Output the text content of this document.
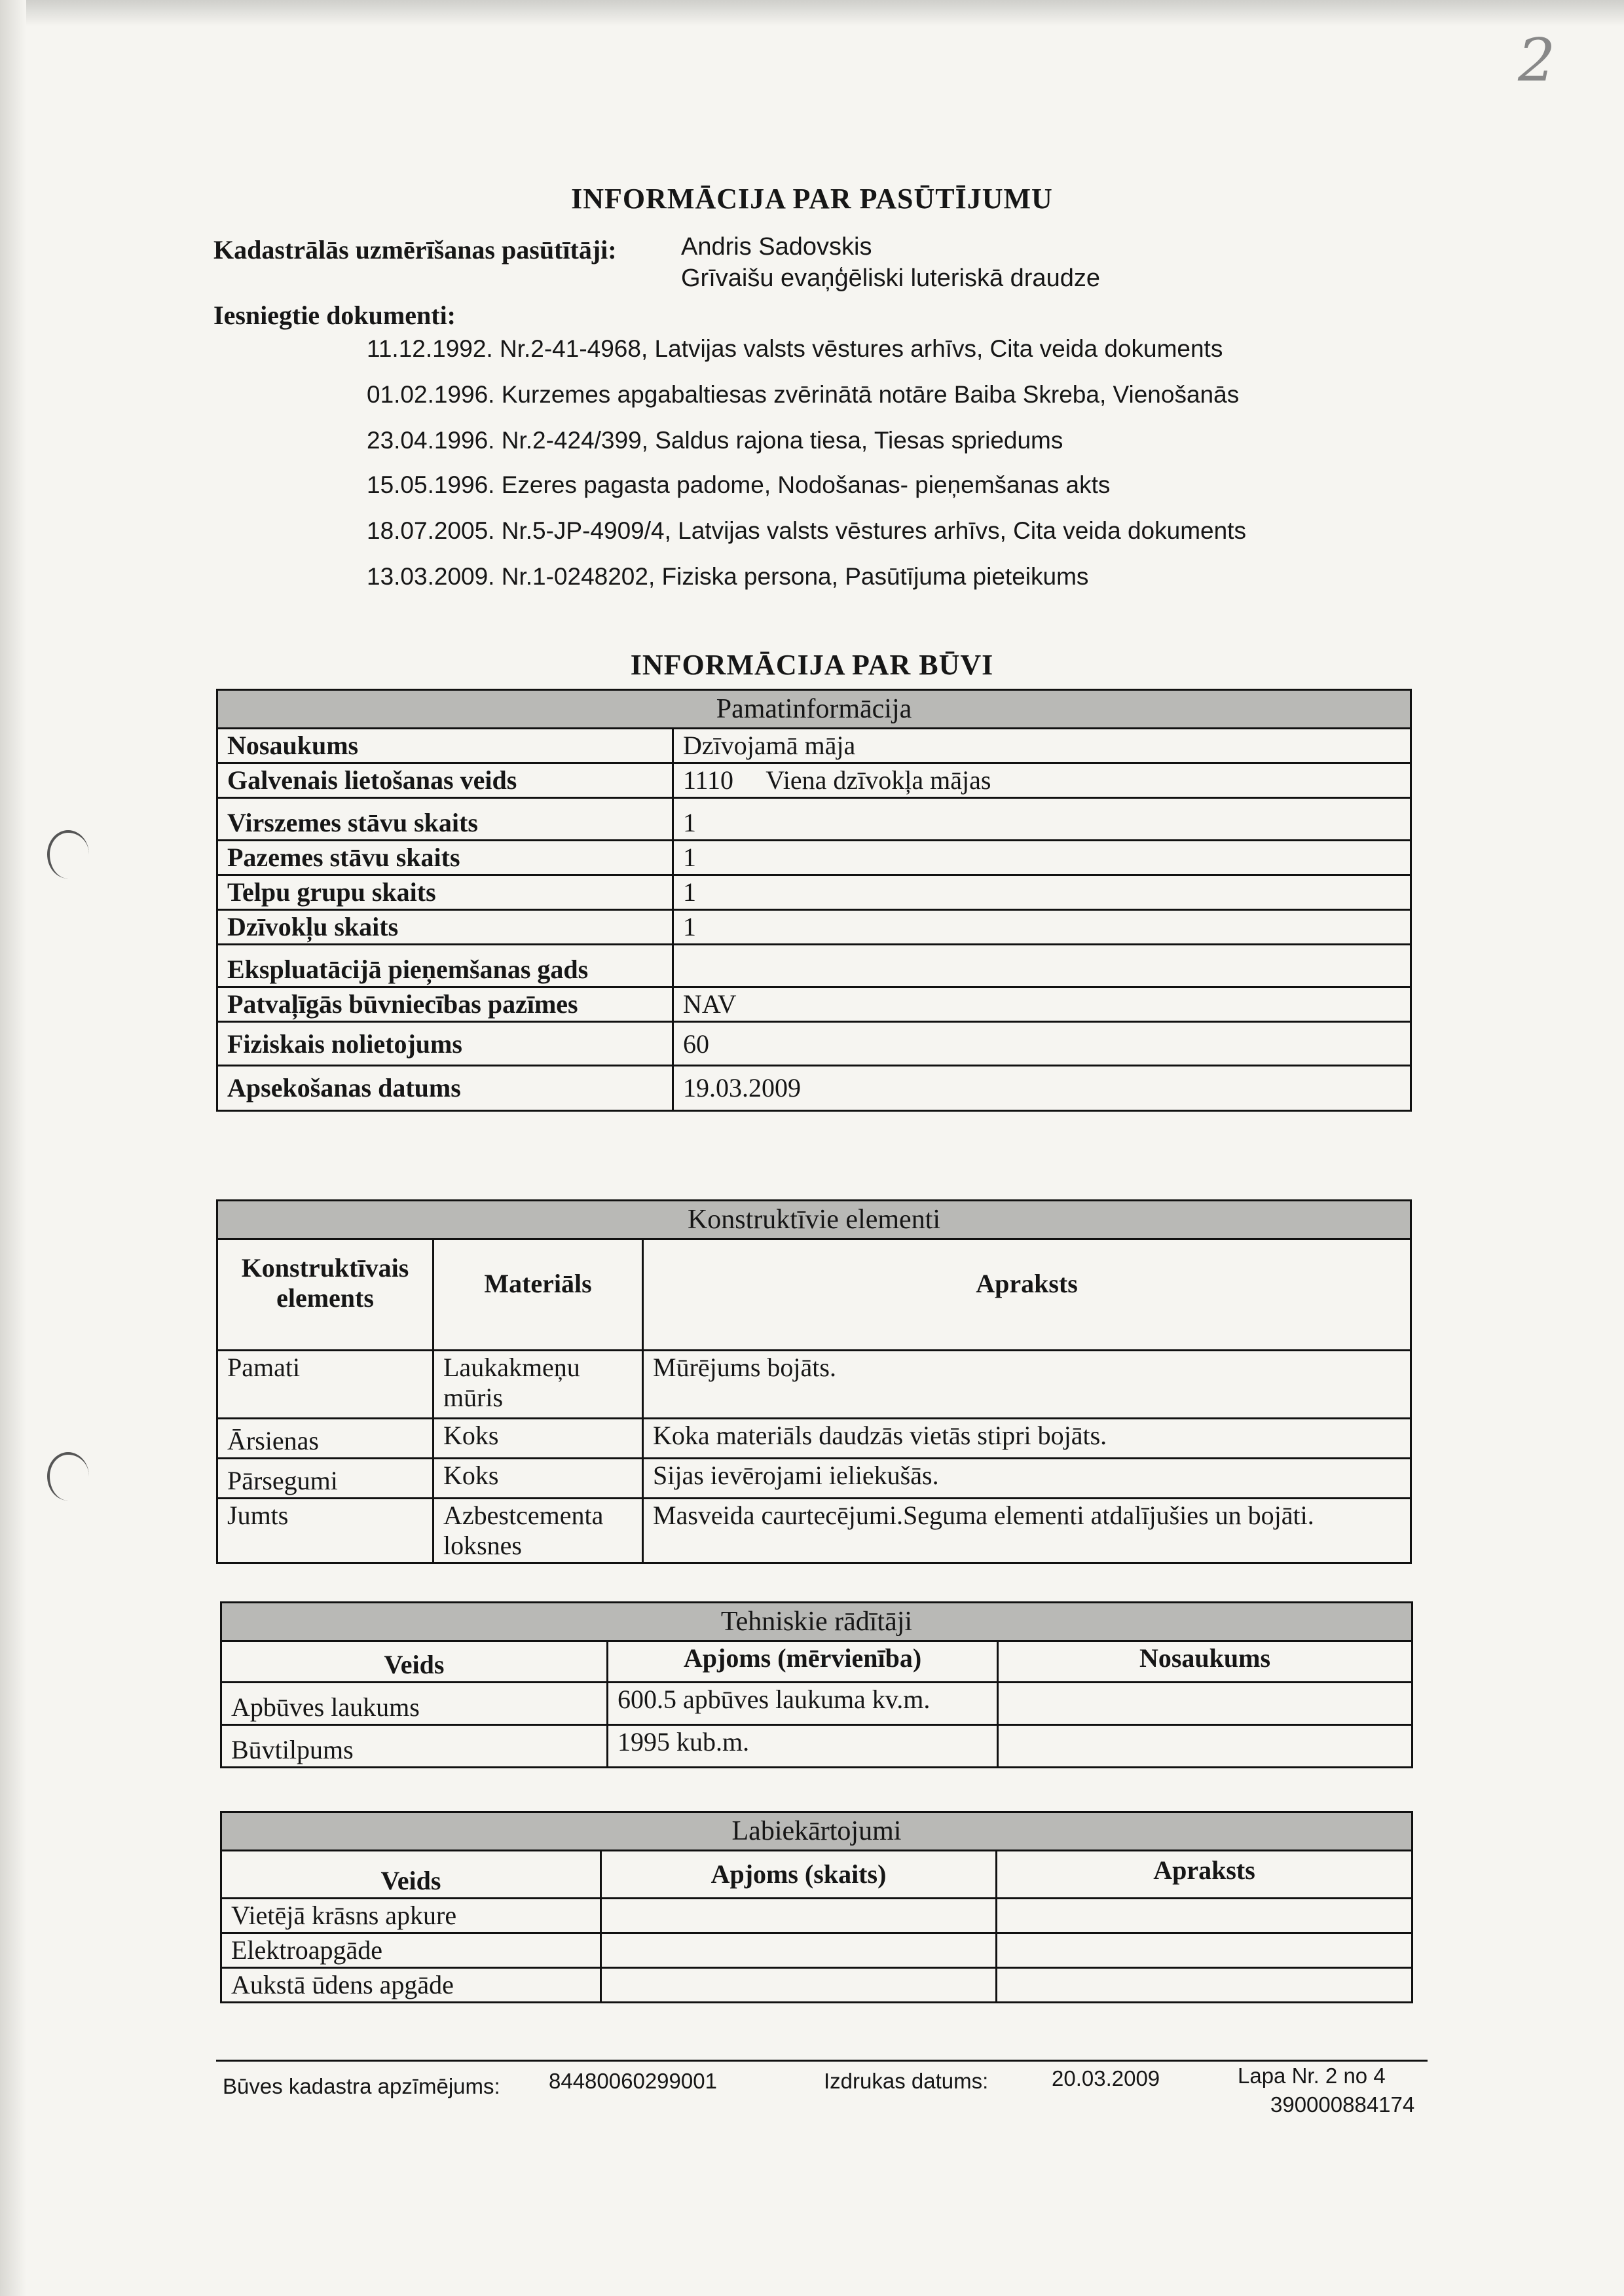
2
INFORMĀCIJA PAR PASŪTĪJUMU
Kadastrālās uzmērīšanas pasūtītāji:	Andris Sadovskis
Grīvaišu evaņģēliski luteriskā draudze
Iesniegtie dokumenti:
11.12.1992. Nr.2-41-4968, Latvijas valsts vēstures arhīvs, Cita veida dokuments
01.02.1996. Kurzemes apgabaltiesas zvērinātā notāre Baiba Skreba, Vienošanās
23.04.1996. Nr.2-424/399, Saldus rajona tiesa, Tiesas spriedums
15.05.1996. Ezeres pagasta padome, Nodošanas- pieņemšanas akts
18.07.2005. Nr.5-JP-4909/4, Latvijas valsts vēstures arhīvs, Cita veida dokuments
13.03.2009. Nr.1-0248202, Fiziska persona, Pasūtījuma pieteikums
INFORMĀCIJA PAR BŪVI
Pamatinformācija	
Nosaukums	Dzīvojamā māja
Galvenais lietošanas veids	1110     Viena dzīvokļa mājas
Virszemes stāvu skaits	1
Pazemes stāvu skaits	1
Telpu grupu skaits	1
Dzīvokļu skaits	1
Ekspluatācijā pieņemšanas gads	
Patvaļīgās būvniecības pazīmes	NAV
Fiziskais nolietojums	60
Apsekošanas datums	19.03.2009
Konstruktīvie elementi		
Konstruktīvais
elements	Materiāls	Apraksts
Pamati	Laukakmeņu mūris	Mūrējums bojāts.
Ārsienas	Koks	Koka materiāls daudzās vietās stipri bojāts.
Pārsegumi	Koks	Sijas ievērojami ieliekušās.
Jumts	Azbestcementa loksnes	Masveida caurtecējumi.Seguma elementi atdalījušies un bojāti.
Tehniskie rādītāji		
Veids	Apjoms (mērvienība)	Nosaukums
Apbūves laukums	600.5 apbūves laukuma kv.m.	
Būvtilpums	1995 kub.m.	
Labiekārtojumi		
Veids	Apjoms (skaits)	Apraksts
Vietējā krāsns apkure		
Elektroapgāde		
Aukstā ūdens apgāde		
Būves kadastra apzīmējums: 84480060299001	Izdrukas datums:	20.03.2009	Lapa Nr. 2 no 4
390000884174
